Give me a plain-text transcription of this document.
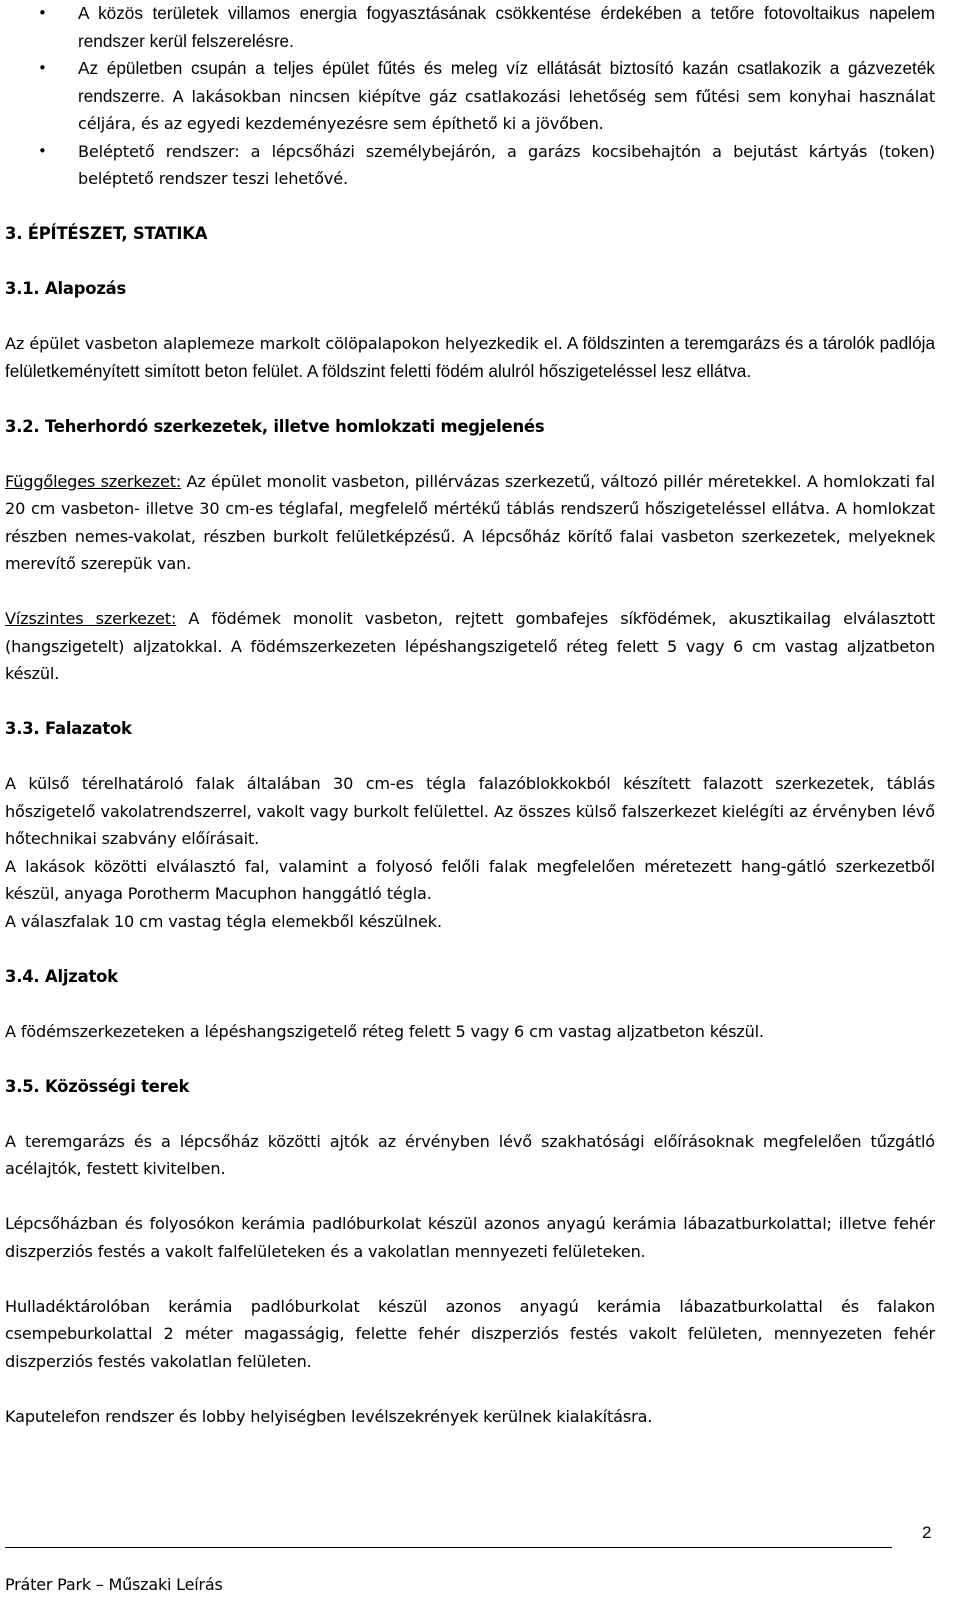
• A közös területek villamos energia fogyasztásának csökkentése érdekében a tetőre fotovoltaikus napelem rendszer kerül felszerelésre.
• Az épületben csupán a teljes épület fűtés és meleg víz ellátását biztosító kazán csatlakozik a gázvezeték rendszerre. A lakásokban nincsen kiépítve gáz csatlakozási lehetőség sem fűtési sem konyhai használat céljára, és az egyedi kezdeményezésre sem építhető ki a jövőben.
• Beléptető rendszer: a lépcsőházi személybejárón, a garázs kocsibehajtón a bejutást kártyás (token) beléptető rendszer teszi lehetővé.

3. ÉPÍTÉSZET, STATIKA

3.1. Alapozás

Az épület vasbeton alaplemeze markolt cölöpalapokon helyezkedik el. A földszinten a teremgarázs és a tárolók padlója felületkeményített simított beton felület. A földszint feletti födém alulról hőszigeteléssel lesz ellátva.

3.2. Teherhordó szerkezetek, illetve homlokzati megjelenés

Függőleges szerkezet: Az épület monolit vasbeton, pillérvázas szerkezetű, változó pillér méretekkel. A homlokzati fal 20 cm vasbeton- illetve 30 cm-es téglafal, megfelelő mértékű táblás rendszerű hőszigeteléssel ellátva. A homlokzat részben nemes-vakolat, részben burkolt felületképzésű. A lépcsőház körítő falai vasbeton szerkezetek, melyeknek merevítő szerepük van.

Vízszintes szerkezet: A födémek monolit vasbeton, rejtett gombafejes síkfödémek, akusztikailag elválasztott (hangszigetelt) aljzatokkal. A födémszerkezeten lépéshangszigetelő réteg felett 5 vagy 6 cm vastag aljzatbeton készül.

3.3. Falazatok

A külső térelhatároló falak általában 30 cm-es tégla falazóblokkokból készített falazott szerkezetek, táblás hőszigetelő vakolatrendszerrel, vakolt vagy burkolt felülettel. Az összes külső falszerkezet kielégíti az érvényben lévő hőtechnikai szabvány előírásait.

A lakások közötti elválasztó fal, valamint a folyosó felőli falak megfelelően méretezett hang-gátló szerkezetből készül, anyaga Porotherm Macuphon hanggátló tégla.

A válaszfalak 10 cm vastag tégla elemekből készülnek.

3.4. Aljzatok

A födémszerkezeteken a lépéshangszigetelő réteg felett 5 vagy 6 cm vastag aljzatbeton készül.

3.5. Közösségi terek

A teremgarázs és a lépcsőház közötti ajtók az érvényben lévő szakhatósági előírásoknak megfelelően tűzgátló acélajtók, festett kivitelben.

Lépcsőházban és folyosókon kerámia padlóburkolat készül azonos anyagú kerámia lábazatburkolattal; illetve fehér diszperziós festés a vakolt falfelületeken és a vakolatlan mennyezeti felületeken.

Hulladéktárolóban kerámia padlóburkolat készül azonos anyagú kerámia lábazatburkolattal és falakon csempeburkolattal 2 méter magasságig, felette fehér diszperziós festés vakolt felületen, mennyezeten fehér diszperziós festés vakolatlan felületen.

Kaputelefon rendszer és lobby helyiségben levélszekrények kerülnek kialakításra.

2
Práter Park – Műszaki Leírás
